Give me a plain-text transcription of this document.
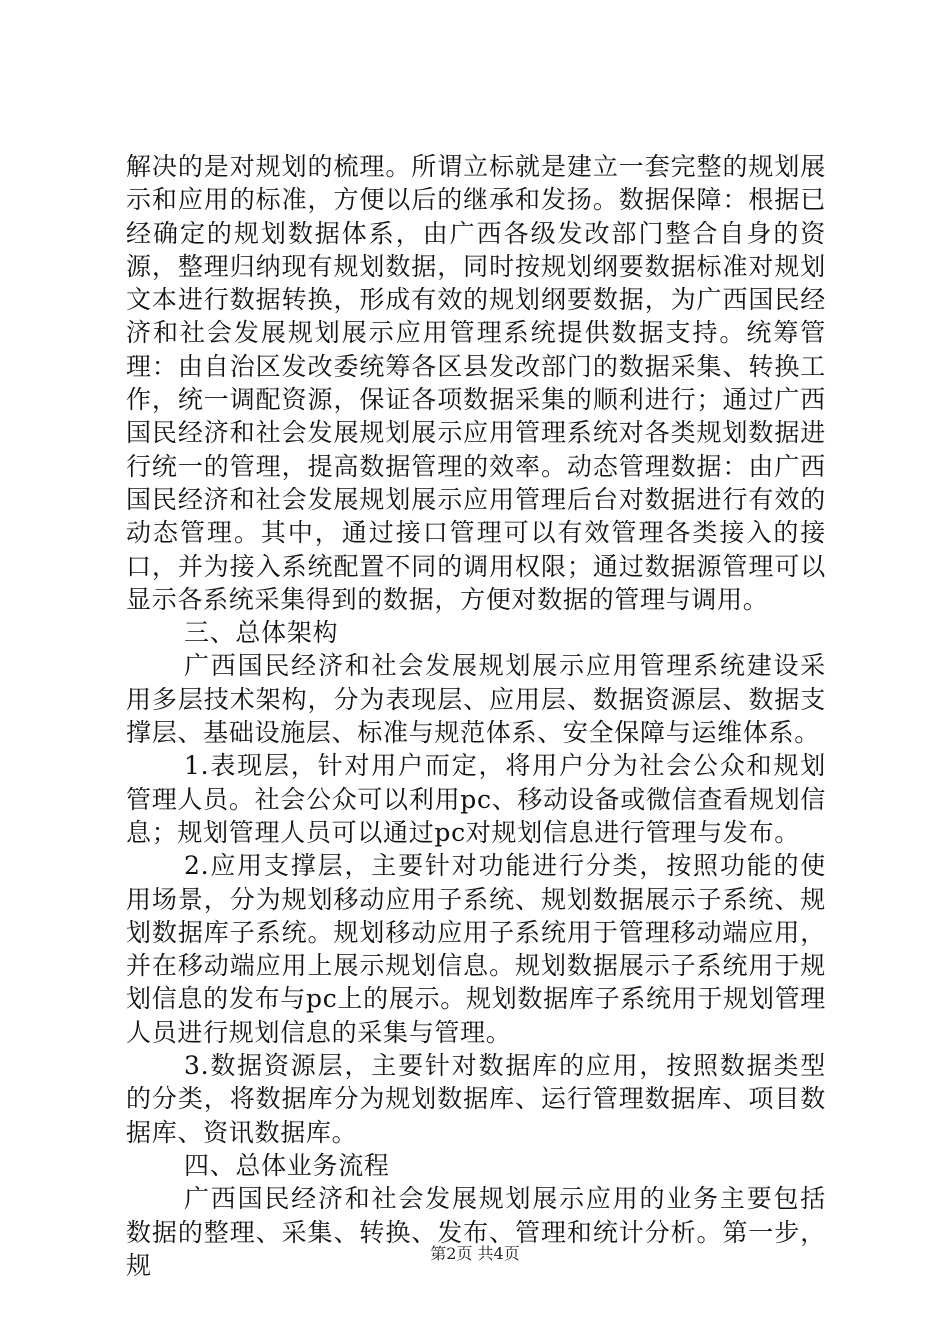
解决的是对规划的梳理。所谓立标就是建立一套完整的规划展示和应用的标准，方便以后的继承和发扬。数据保障：根据已经确定的规划数据体系，由广西各级发改部门整合自身的资源，整理归纳现有规划数据，同时按规划纲要数据标准对规划文本进行数据转换，形成有效的规划纲要数据，为广西国民经济和社会发展规划展示应用管理系统提供数据支持。统筹管理：由自治区发改委统筹各区县发改部门的数据采集、转换工作，统一调配资源，保证各项数据采集的顺利进行；通过广西国民经济和社会发展规划展示应用管理系统对各类规划数据进行统一的管理，提高数据管理的效率。动态管理数据：由广西国民经济和社会发展规划展示应用管理后台对数据进行有效的动态管理。其中，通过接口管理可以有效管理各类接入的接口，并为接入系统配置不同的调用权限；通过数据源管理可以显示各系统采集得到的数据，方便对数据的管理与调用。

三、总体架构

广西国民经济和社会发展规划展示应用管理系统建设采用多层技术架构，分为表现层、应用层、数据资源层、数据支撑层、基础设施层、标准与规范体系、安全保障与运维体系。

1.表现层，针对用户而定，将用户分为社会公众和规划管理人员。社会公众可以利用pc、移动设备或微信查看规划信息；规划管理人员可以通过pc对规划信息进行管理与发布。

2.应用支撑层，主要针对功能进行分类，按照功能的使用场景，分为规划移动应用子系统、规划数据展示子系统、规划数据库子系统。规划移动应用子系统用于管理移动端应用，并在移动端应用上展示规划信息。规划数据展示子系统用于规划信息的发布与pc上的展示。规划数据库子系统用于规划管理人员进行规划信息的采集与管理。

3.数据资源层，主要针对数据库的应用，按照数据类型的分类，将数据库分为规划数据库、运行管理数据库、项目数据库、资讯数据库。

四、总体业务流程

广西国民经济和社会发展规划展示应用的业务主要包括数据的整理、采集、转换、发布、管理和统计分析。第一步，规	第2页 共4页
